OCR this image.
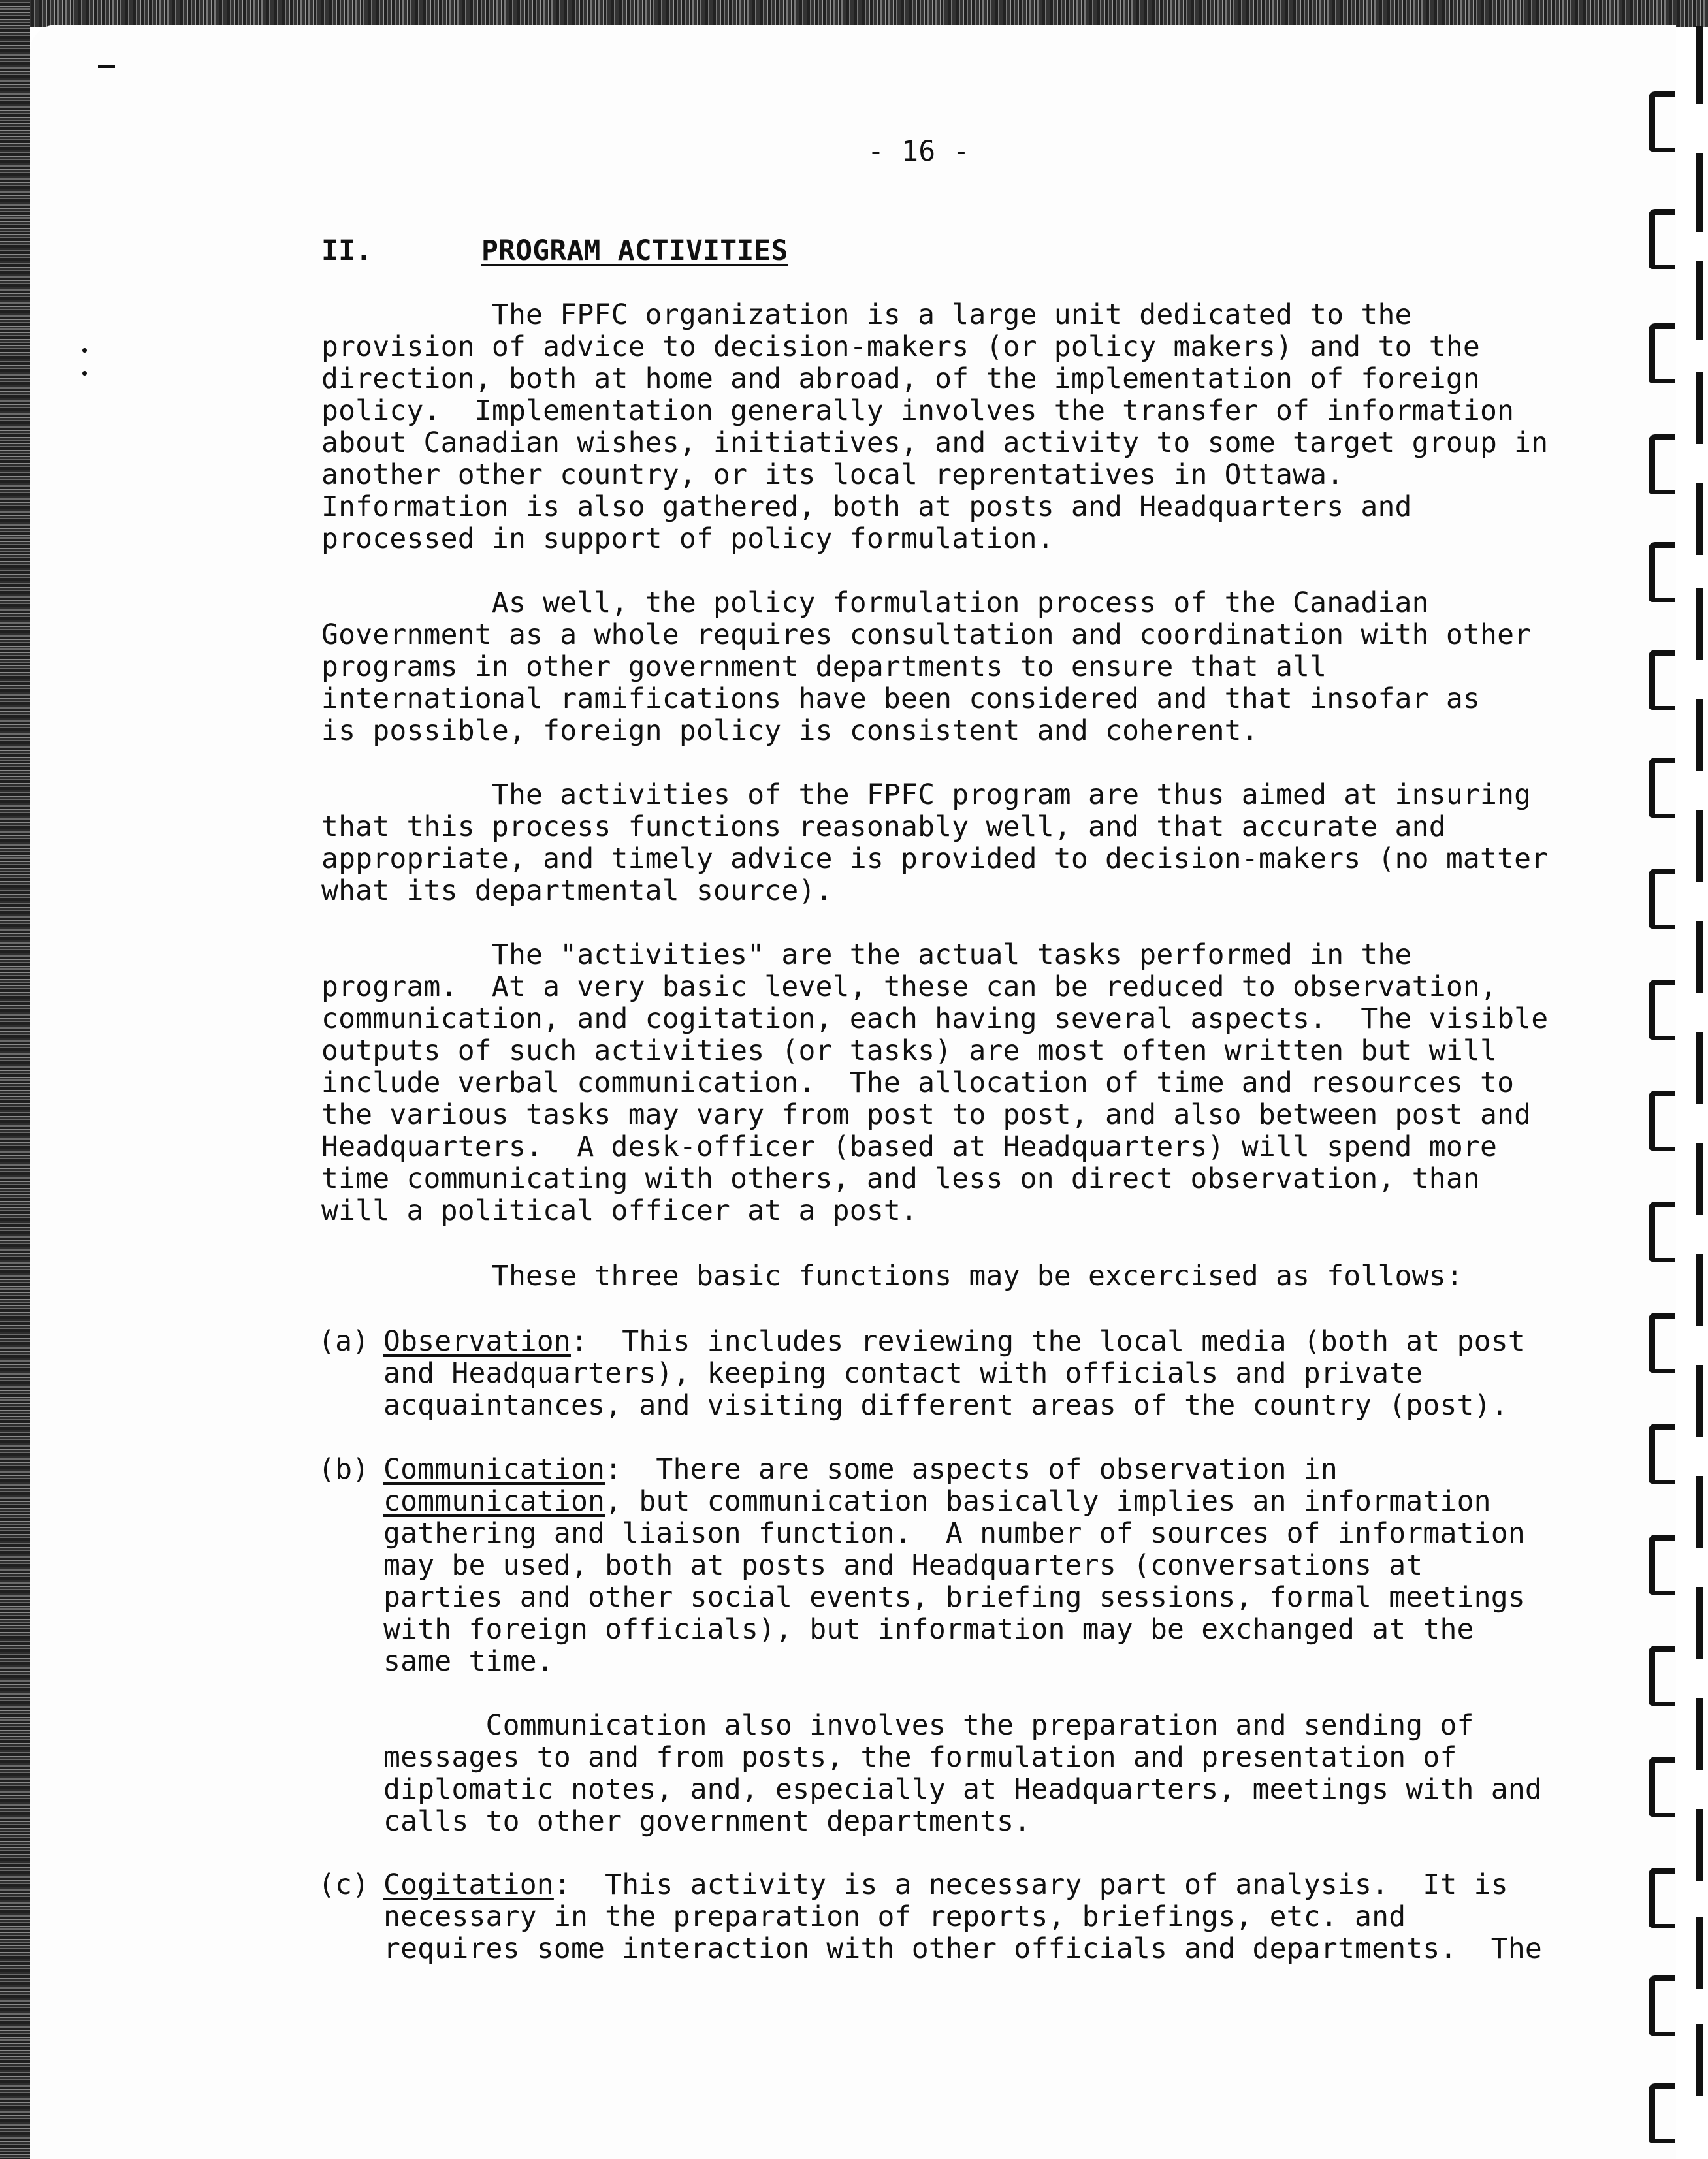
- 16 -
II.	PROGRAM ACTIVITIES
The FPFC organization is a large unit dedicated to the
provision of advice to decision-makers (or policy makers) and to the
direction, both at home and abroad, of the implementation of foreign
policy.  Implementation generally involves the transfer of information
about Canadian wishes, initiatives, and activity to some target group in
another other country, or its local reprentatives in Ottawa.
Information is also gathered, both at posts and Headquarters and
processed in support of policy formulation.
As well, the policy formulation process of the Canadian
Government as a whole requires consultation and coordination with other
programs in other government departments to ensure that all
international ramifications have been considered and that insofar as
is possible, foreign policy is consistent and coherent.
The activities of the FPFC program are thus aimed at insuring
that this process functions reasonably well, and that accurate and
appropriate, and timely advice is provided to decision-makers (no matter
what its departmental source).
The "activities" are the actual tasks performed in the
program.  At a very basic level, these can be reduced to observation,
communication, and cogitation, each having several aspects.  The visible
outputs of such activities (or tasks) are most often written but will
include verbal communication.  The allocation of time and resources to
the various tasks may vary from post to post, and also between post and
Headquarters.  A desk-officer (based at Headquarters) will spend more
time communicating with others, and less on direct observation, than
will a political officer at a post.
These three basic functions may be excercised as follows:
(a) Observation:  This includes reviewing the local media (both at post
and Headquarters), keeping contact with officials and private
acquaintances, and visiting different areas of the country (post).
(b) Communication:  There are some aspects of observation in
communication, but communication basically implies an information
gathering and liaison function.  A number of sources of information
may be used, both at posts and Headquarters (conversations at
parties and other social events, briefing sessions, formal meetings
with foreign officials), but information may be exchanged at the
same time.
Communication also involves the preparation and sending of
messages to and from posts, the formulation and presentation of
diplomatic notes, and, especially at Headquarters, meetings with and
calls to other government departments.
(c) Cogitation:  This activity is a necessary part of analysis.  It is
necessary in the preparation of reports, briefings, etc. and
requires some interaction with other officials and departments.  The
